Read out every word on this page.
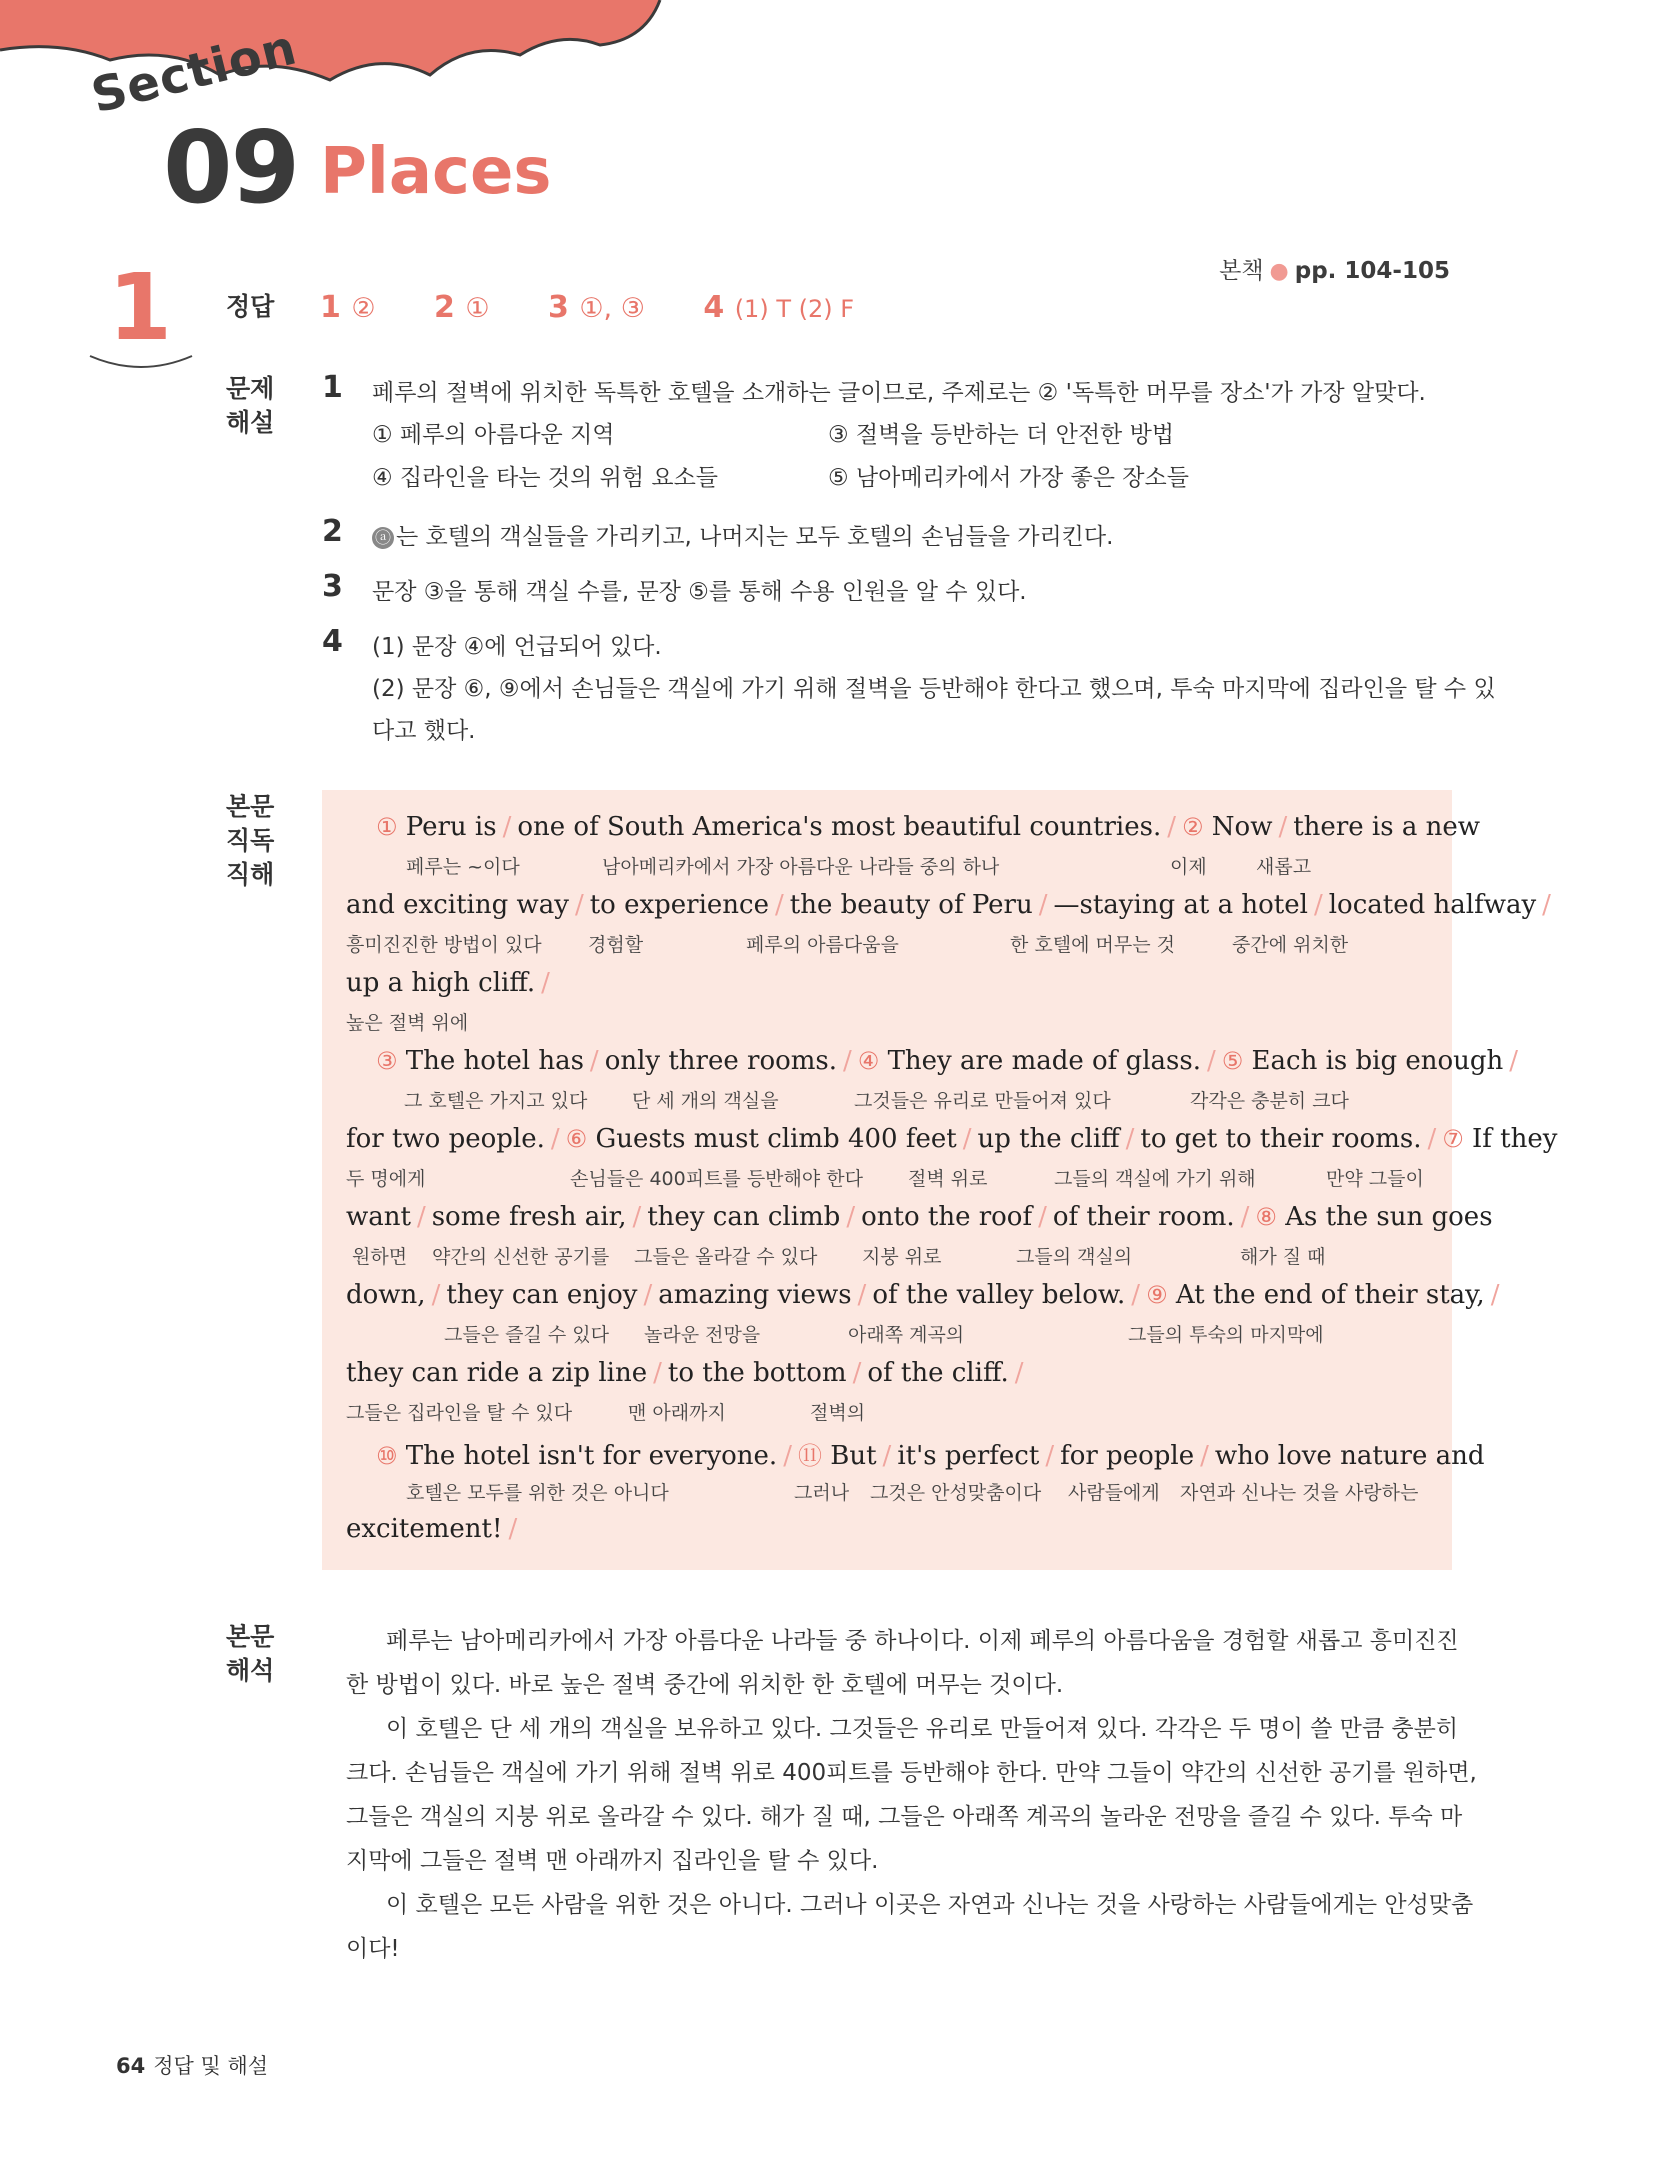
Section
09 Places
본책 ● pp. 104-105
1 정답	1 ② 2 ① 3 ①, ③ 4 (1) T (2) F
문제
해설
1 페루의 절벽에 위치한 독특한 호텔을 소개하는 글이므로, 주제로는 ② '독특한 머무를 장소'가 가장 알맞다.
① 페루의 아름다운 지역	③ 절벽을 등반하는 더 안전한 방법
④ 집라인을 타는 것의 위험 요소들	⑤ 남아메리카에서 가장 좋은 장소들
2 ⓐ 는 호텔의 객실들을 가리키고, 나머지는 모두 호텔의 손님들을 가리킨다.
3 문장 ③을 통해 객실 수를, 문장 ⑤를 통해 수용 인원을 알 수 있다.
4 (1) 문장 ④에 언급되어 있다.
(2) 문장 ⑥, ⑨에서 손님들은 객실에 가기 위해 절벽을 등반해야 한다고 했으며, 투숙 마지막에 집라인을 탈 수 있
다고 했다.
본문
직독
직해
① Peru is / one of South America's most beautiful countries. / ② Now / there is a new
페루는 ~이다	남아메리카에서 가장 아름다운 나라들 중의 하나	이제	새롭고
and exciting way / to experience / the beauty of Peru / —staying at a hotel / located halfway /
흥미진진한 방법이 있다 경험할	페루의 아름다움을	한 호텔에 머무는 것	중간에 위치한
up a high cliff. /
높은 절벽 위에
③ The hotel has / only three rooms. / ④ They are made of glass. / ⑤ Each is big enough /
그 호텔은 가지고 있다 단 세 개의 객실을	그것들은 유리로 만들어져 있다	각각은 충분히 크다
for two people. / ⑥ Guests must climb 400 feet / up the cliff / to get to their rooms. / ⑦ If they
두 명에게	손님들은 400피트를 등반해야 한다 절벽 위로	그들의 객실에 가기 위해	만약 그들이
want / some fresh air, / they can climb / onto the roof / of their room. / ⑧ As the sun goes
원하면 약간의 신선한 공기를 그들은 올라갈 수 있다 지붕 위로	그들의 객실의	해가 질 때
down, / they can enjoy / amazing views / of the valley below. / ⑨ At the end of their stay, /
그들은 즐길 수 있다 놀라운 전망을	아래쪽 계곡의	그들의 투숙의 마지막에
they can ride a zip line / to the bottom / of the cliff. /
그들은 집라인을 탈 수 있다	맨 아래까지	절벽의
⑩ The hotel isn't for everyone. / ⑪ But / it's perfect / for people / who love nature and
호텔은 모두를 위한 것은 아니다	그러나 그것은 안성맞춤이다 사람들에게 자연과 신나는 것을 사랑하는
excitement! /
본문
해석
페루는 남아메리카에서 가장 아름다운 나라들 중 하나이다. 이제 페루의 아름다움을 경험할 새롭고 흥미진진
한 방법이 있다. 바로 높은 절벽 중간에 위치한 한 호텔에 머무는 것이다.
이 호텔은 단 세 개의 객실을 보유하고 있다. 그것들은 유리로 만들어져 있다. 각각은 두 명이 쓸 만큼 충분히
크다. 손님들은 객실에 가기 위해 절벽 위로 400피트를 등반해야 한다. 만약 그들이 약간의 신선한 공기를 원하면,
그들은 객실의 지붕 위로 올라갈 수 있다. 해가 질 때, 그들은 아래쪽 계곡의 놀라운 전망을 즐길 수 있다. 투숙 마
지막에 그들은 절벽 맨 아래까지 집라인을 탈 수 있다.
이 호텔은 모든 사람을 위한 것은 아니다. 그러나 이곳은 자연과 신나는 것을 사랑하는 사람들에게는 안성맞춤
이다!
64 정답 및 해설
